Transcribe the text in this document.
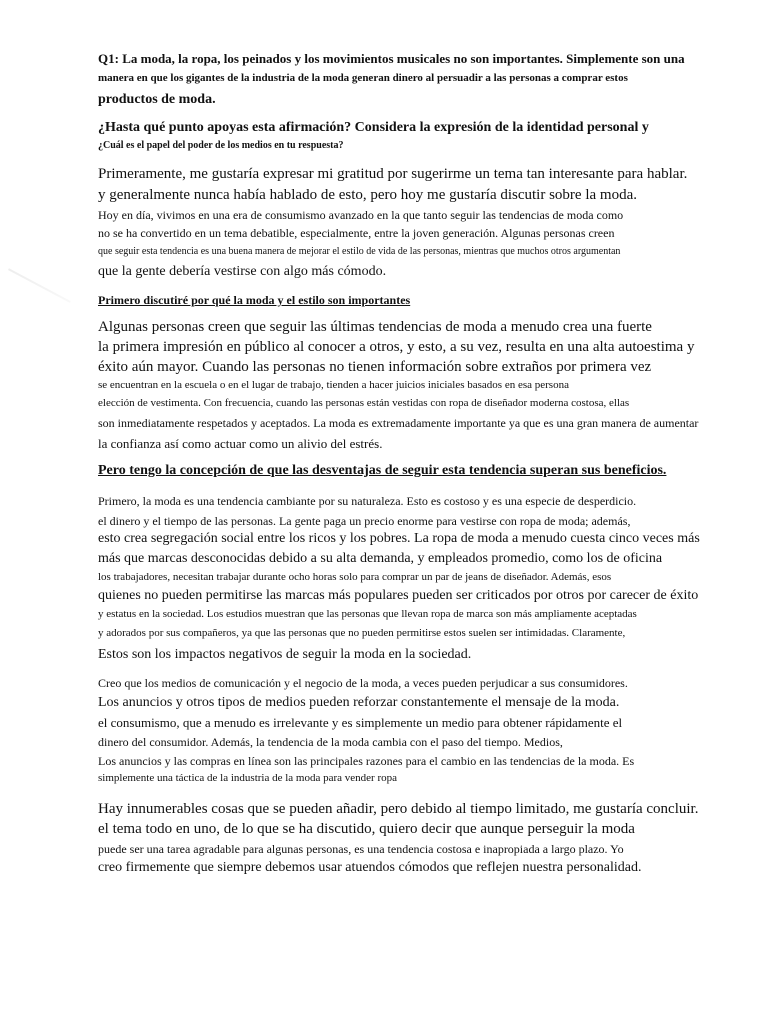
Q1: La moda, la ropa, los peinados y los movimientos musicales no son importantes. Simplemente son una
manera en que los gigantes de la industria de la moda generan dinero al persuadir a las personas a comprar estos
productos de moda.
¿Hasta qué punto apoyas esta afirmación? Considera la expresión de la identidad personal y
¿Cuál es el papel del poder de los medios en tu respuesta?
Primeramente, me gustaría expresar mi gratitud por sugerirme un tema tan interesante para hablar.
y generalmente nunca había hablado de esto, pero hoy me gustaría discutir sobre la moda.
Hoy en día, vivimos en una era de consumismo avanzado en la que tanto seguir las tendencias de moda como
no se ha convertido en un tema debatible, especialmente, entre la joven generación. Algunas personas creen
que seguir esta tendencia es una buena manera de mejorar el estilo de vida de las personas, mientras que muchos otros argumentan
que la gente debería vestirse con algo más cómodo.
Primero discutiré por qué la moda y el estilo son importantes
Algunas personas creen que seguir las últimas tendencias de moda a menudo crea una fuerte
la primera impresión en público al conocer a otros, y esto, a su vez, resulta en una alta autoestima y
éxito aún mayor. Cuando las personas no tienen información sobre extraños por primera vez
se encuentran en la escuela o en el lugar de trabajo, tienden a hacer juicios iniciales basados en esa persona
elección de vestimenta. Con frecuencia, cuando las personas están vestidas con ropa de diseñador moderna costosa, ellas
son inmediatamente respetados y aceptados. La moda es extremadamente importante ya que es una gran manera de aumentar
la confianza así como actuar como un alivio del estrés.
Pero tengo la concepción de que las desventajas de seguir esta tendencia superan sus beneficios.
Primero, la moda es una tendencia cambiante por su naturaleza. Esto es costoso y es una especie de desperdicio.
el dinero y el tiempo de las personas. La gente paga un precio enorme para vestirse con ropa de moda; además,
esto crea segregación social entre los ricos y los pobres. La ropa de moda a menudo cuesta cinco veces más
más que marcas desconocidas debido a su alta demanda, y empleados promedio, como los de oficina
los trabajadores, necesitan trabajar durante ocho horas solo para comprar un par de jeans de diseñador. Además, esos
quienes no pueden permitirse las marcas más populares pueden ser criticados por otros por carecer de éxito
y estatus en la sociedad. Los estudios muestran que las personas que llevan ropa de marca son más ampliamente aceptadas
y adorados por sus compañeros, ya que las personas que no pueden permitirse estos suelen ser intimidadas. Claramente,
Estos son los impactos negativos de seguir la moda en la sociedad.
Creo que los medios de comunicación y el negocio de la moda, a veces pueden perjudicar a sus consumidores.
Los anuncios y otros tipos de medios pueden reforzar constantemente el mensaje de la moda.
el consumismo, que a menudo es irrelevante y es simplemente un medio para obtener rápidamente el
dinero del consumidor. Además, la tendencia de la moda cambia con el paso del tiempo. Medios,
Los anuncios y las compras en línea son las principales razones para el cambio en las tendencias de la moda. Es
simplemente una táctica de la industria de la moda para vender ropa
Hay innumerables cosas que se pueden añadir, pero debido al tiempo limitado, me gustaría concluir.
el tema todo en uno, de lo que se ha discutido, quiero decir que aunque perseguir la moda
puede ser una tarea agradable para algunas personas, es una tendencia costosa e inapropiada a largo plazo. Yo
creo firmemente que siempre debemos usar atuendos cómodos que reflejen nuestra personalidad.
